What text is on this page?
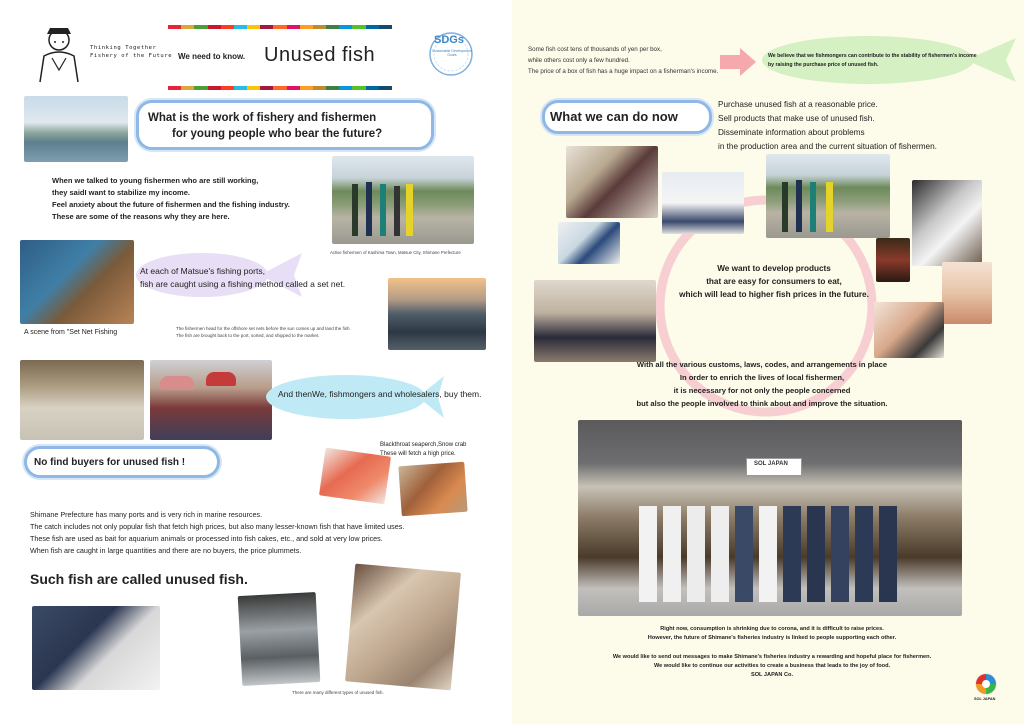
Thinking Together
Fishery of the Future We need to know. Unused fish
SDGs
Sustainable Development Goals
What is the work of fishery and fishermen
for young people who bear the future?
When we talked to young fishermen who are still working,
they saidI want to stabilize my income.
Feel anxiety about the future of fishermen and the fishing industry.
These are some of the reasons why they are here.
Active fishermen of Kashima Town, Matsue City, Shimane Prefecture
A scene from "Set Net Fishing
At each of Matsue's fishing ports,
fish are caught using a fishing method called a set net.
The fishermen head for the offshore set nets before the sun comes up and land the fish.
The fish are brought back to the port, sorted, and shipped to the market.
And thenWe, fishmongers and wholesalers, buy them.
No find buyers for unused fish !
Blackthroat seaperch,Snow crab
These will fetch a high price.
Shimane Prefecture has many ports and is very rich in marine resources.
The catch includes not only popular fish that fetch high prices, but also many lesser-known fish that have limited uses.
These fish are used as bait for aquarium animals or processed into fish cakes, etc., and sold at very low prices.
When fish are caught in large quantities and there are no buyers, the price plummets.
Such fish are called unused fish.
There are many different types of unused fish.
Some fish cost tens of thousands of yen per box,
while others cost only a few hundred.
The price of a box of fish has a huge impact on a fisherman's income.
We believe that we fishmongers can contribute to the stability of fishermen's income
by raising the purchase price of unused fish.
What we can do now
Purchase unused fish at a reasonable price.
Sell products that make use of unused fish.
Disseminate information about problems
in the production area and the current situation of fishermen.
We want to develop products
that are easy for consumers to eat,
which will lead to higher fish prices in the future.
With all the various customs, laws, codes, and arrangements in place
In order to enrich the lives of local fishermen,
it is necessary for not only the people concerned
but also the people involved to think about and improve the situation.
SOL JAPAN
Right now, consumption is shrinking due to corona, and it is difficult to raise prices.
However, the future of Shimane's fisheries industry is linked to people supporting each other.
We would like to send out messages to make Shimane's fisheries industry a rewarding and hopeful place for fishermen.
We would like to continue our activities to create a business that leads to the joy of food.
SOL JAPAN Co.
SOL JAPAN
